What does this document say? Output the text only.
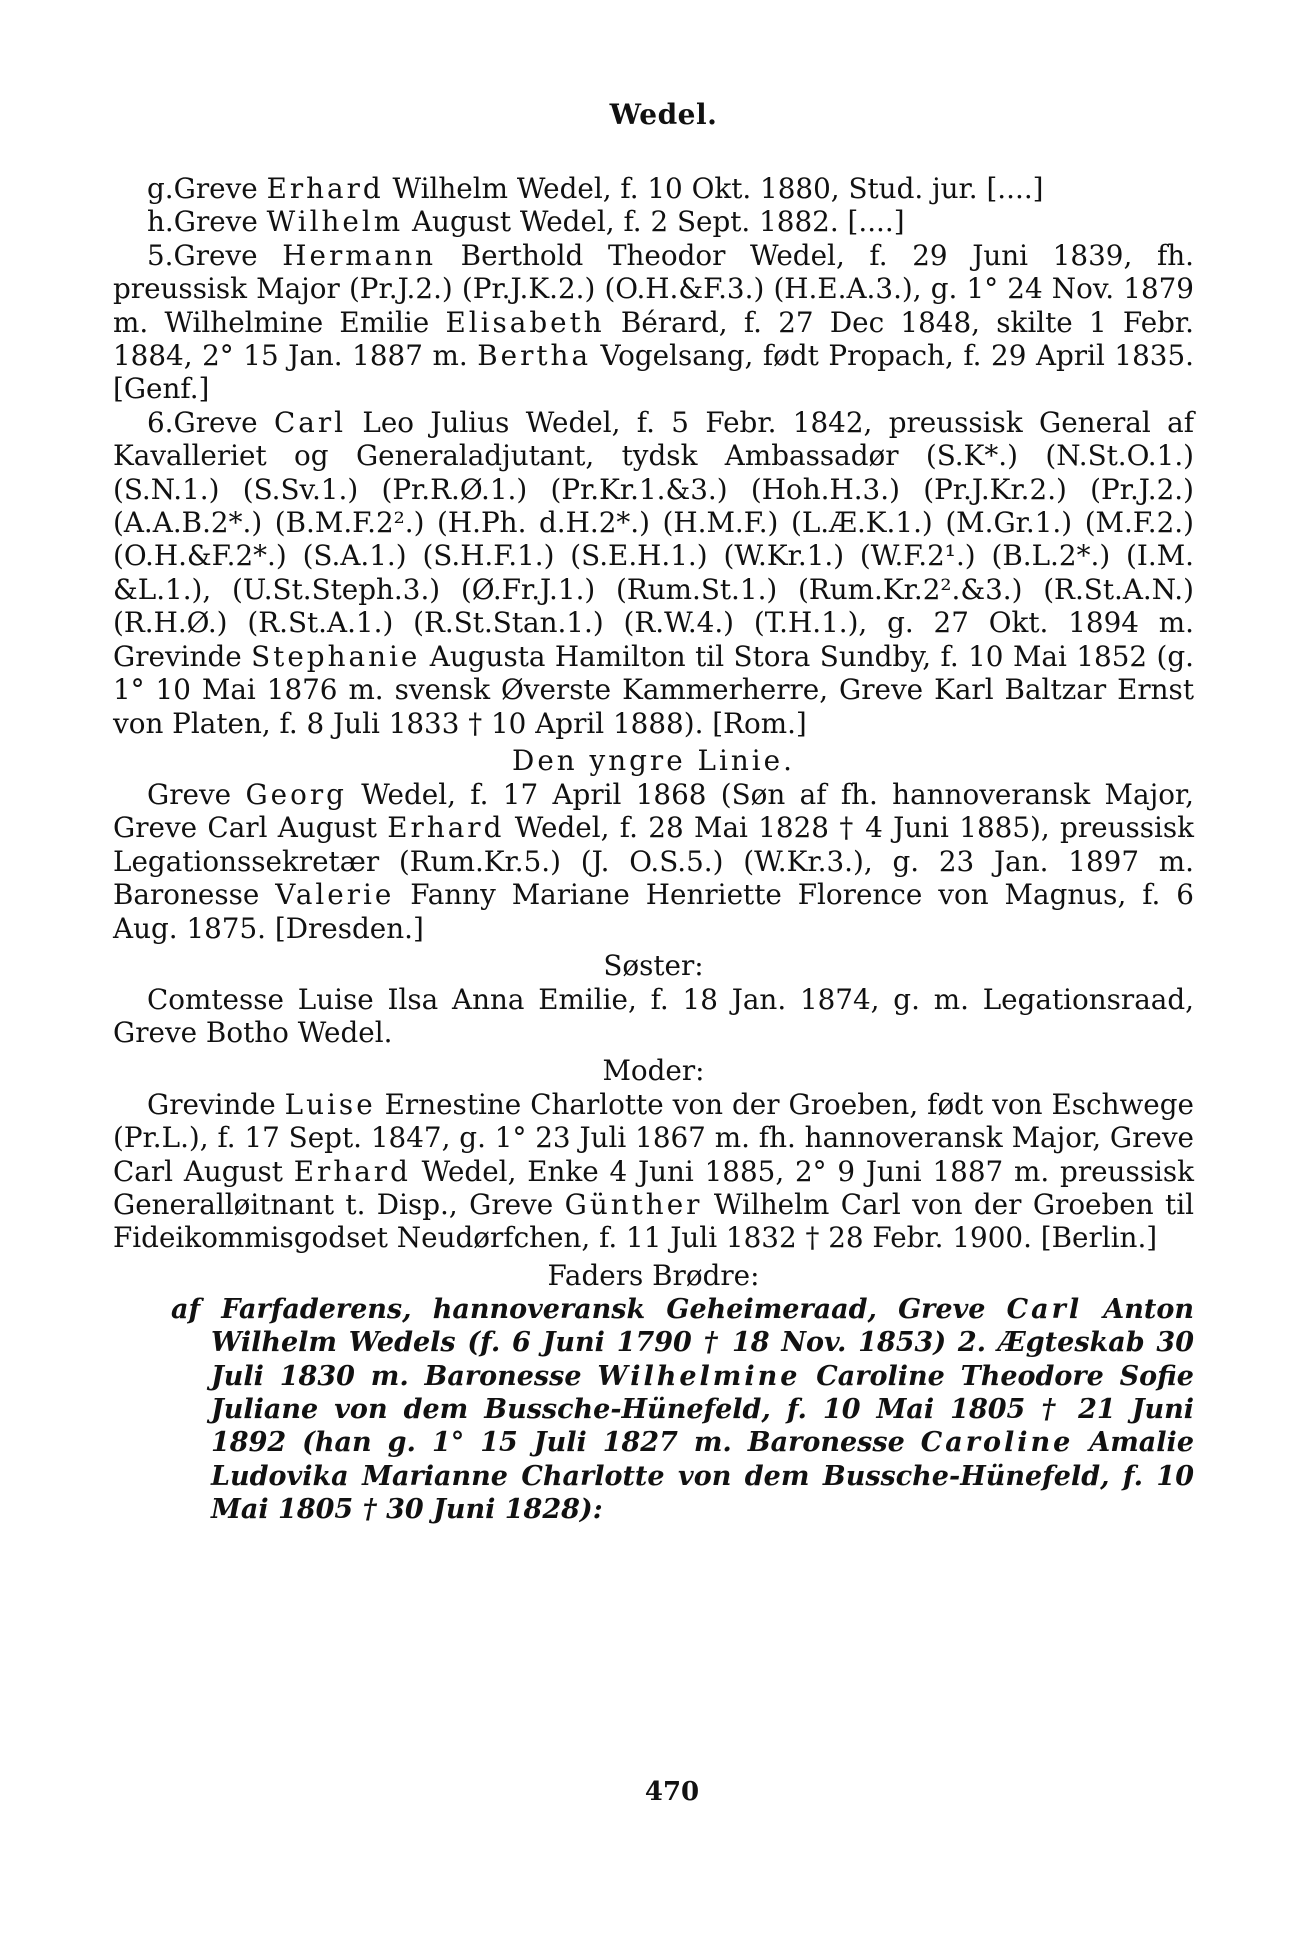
Wedel.

g.Greve Erhard Wilhelm Wedel, f. 10 Okt. 1880, Stud. jur. [....]

h.Greve Wilhelm August Wedel, f. 2 Sept. 1882. [....]

5.Greve Hermann Berthold Theodor Wedel, f. 29 Juni 1839, fh. preussisk Major (Pr.J.2.) (Pr.J.K.2.) (O.H.&F.3.) (H.E.A.3.), g. 1° 24 Nov. 1879 m. Wilhelmine Emilie Elisabeth Bérard, f. 27 Dec 1848, skilte 1 Febr. 1884, 2° 15 Jan. 1887 m. Bertha Vogelsang, født Propach, f. 29 April 1835. [Genf.]

6.Greve Carl Leo Julius Wedel, f. 5 Febr. 1842, preussisk General af Kavalleriet og Generaladjutant, tydsk Ambassadør (S.K*.) (N.St.O.1.) (S.N.1.) (S.Sv.1.) (Pr.R.Ø.1.) (Pr.Kr.1.&3.) (Hoh.H.3.) (Pr.J.Kr.2.) (Pr.J.2.) (A.A.B.2*.) (B.M.F.2².) (H.Ph. d.H.2*.) (H.M.F.) (L.Æ.K.1.) (M.Gr.1.) (M.F.2.) (O.H.&F.2*.) (S.A.1.) (S.H.F.1.) (S.E.H.1.) (W.Kr.1.) (W.F.2¹.) (B.L.2*.) (I.M. &L.1.), (U.St.Steph.3.) (Ø.Fr.J.1.) (Rum.St.1.) (Rum.Kr.2².&3.) (R.St.A.N.) (R.H.Ø.) (R.St.A.1.) (R.St.Stan.1.) (R.W.4.) (T.H.1.), g. 27 Okt. 1894 m. Grevinde Stephanie Augusta Hamilton til Stora Sundby, f. 10 Mai 1852 (g. 1° 10 Mai 1876 m. svensk Øverste Kammerherre, Greve Karl Baltzar Ernst von Platen, f. 8 Juli 1833 † 10 April 1888). [Rom.]

Den yngre Linie.

Greve Georg Wedel, f. 17 April 1868 (Søn af fh. hannoveransk Major, Greve Carl August Erhard Wedel, f. 28 Mai 1828 † 4 Juni 1885), preussisk Legationssekretær (Rum.Kr.5.) (J. O.S.5.) (W.Kr.3.), g. 23 Jan. 1897 m. Baronesse Valerie Fanny Mariane Henriette Florence von Magnus, f. 6 Aug. 1875. [Dresden.]

Søster:

Comtesse Luise Ilsa Anna Emilie, f. 18 Jan. 1874, g. m. Legationsraad, Greve Botho Wedel.

Moder:

Grevinde Luise Ernestine Charlotte von der Groeben, født von Eschwege (Pr.L.), f. 17 Sept. 1847, g. 1° 23 Juli 1867 m. fh. hannoveransk Major, Greve Carl August Erhard Wedel, Enke 4 Juni 1885, 2° 9 Juni 1887 m. preussisk Generalløitnant t. Disp., Greve Günther Wilhelm Carl von der Groeben til Fideikommisgodset Neudørfchen, f. 11 Juli 1832 † 28 Febr. 1900. [Berlin.]

Faders Brødre:

af Farfaderens, hannoveransk Geheimeraad, Greve Carl Anton Wilhelm Wedels (f. 6 Juni 1790 † 18 Nov. 1853) 2. Ægteskab 30 Juli 1830 m. Baronesse Wilhelmine Caroline Theodore Sofie Juliane von dem Bussche-Hünefeld, f. 10 Mai 1805 † 21 Juni 1892 (han g. 1° 15 Juli 1827 m. Baronesse Caroline Amalie Ludovika Marianne Charlotte von dem Bussche-Hünefeld, f. 10 Mai 1805 † 30 Juni 1828):

470
